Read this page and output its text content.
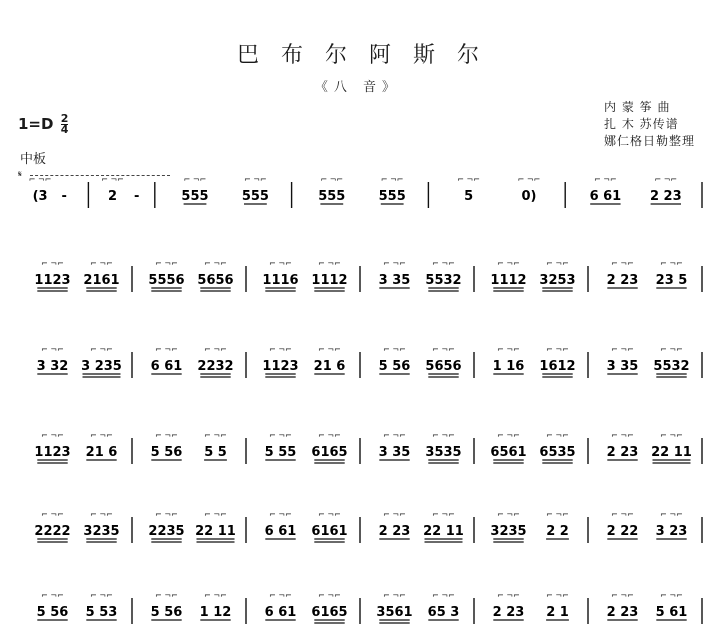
巴布尔阿斯尔
《八 音》
内 蒙 筝 曲
扎 木 苏传谱
娜仁格日勒整理
$1=D \frac{2}{4}$
中板
𝄋
(3
⌐ ¬⌐
-	2
⌐ ¬⌐
-	555
⌐ ¬⌐
555
⌐ ¬⌐
555
⌐ ¬⌐
555
⌐ ¬⌐
5
⌐ ¬⌐
0)
⌐ ¬⌐
6 61
⌐ ¬⌐
2 23
⌐ ¬⌐
1123
⌐ ¬⌐
2161
⌐ ¬⌐
5556
⌐ ¬⌐
5656
⌐ ¬⌐
1116
⌐ ¬⌐
1112
⌐ ¬⌐
3 35
⌐ ¬⌐
5532
⌐ ¬⌐
1112
⌐ ¬⌐
3253
⌐ ¬⌐
2 23
⌐ ¬⌐
23 5
⌐ ¬⌐
3 32
⌐ ¬⌐
3 235
⌐ ¬⌐
6 61
⌐ ¬⌐
2232
⌐ ¬⌐
1123
⌐ ¬⌐
21 6
⌐ ¬⌐
5 56
⌐ ¬⌐
5656
⌐ ¬⌐
1 16
⌐ ¬⌐
1612
⌐ ¬⌐
3 35
⌐ ¬⌐
5532
⌐ ¬⌐
1123
⌐ ¬⌐
21 6
⌐ ¬⌐
5 56
⌐ ¬⌐
5 5
⌐ ¬⌐
5 55
⌐ ¬⌐
6165
⌐ ¬⌐
3 35
⌐ ¬⌐
3535
⌐ ¬⌐
6561
⌐ ¬⌐
6535
⌐ ¬⌐
2 23
⌐ ¬⌐
22 11
⌐ ¬⌐
2222
⌐ ¬⌐
3235
⌐ ¬⌐
2235
⌐ ¬⌐
22 11
⌐ ¬⌐
6 61
⌐ ¬⌐
6161
⌐ ¬⌐
2 23
⌐ ¬⌐
22 11
⌐ ¬⌐
3235
⌐ ¬⌐
2 2
⌐ ¬⌐
2 22
⌐ ¬⌐
3 23
⌐ ¬⌐
5 56
⌐ ¬⌐
5 53
⌐ ¬⌐
5 56
⌐ ¬⌐
1 12
⌐ ¬⌐
6 61
⌐ ¬⌐
6165
⌐ ¬⌐
3561
⌐ ¬⌐
65 3
⌐ ¬⌐
2 23
⌐ ¬⌐
2 1
⌐ ¬⌐
2 23
⌐ ¬⌐
5 61
⌐ ¬⌐
